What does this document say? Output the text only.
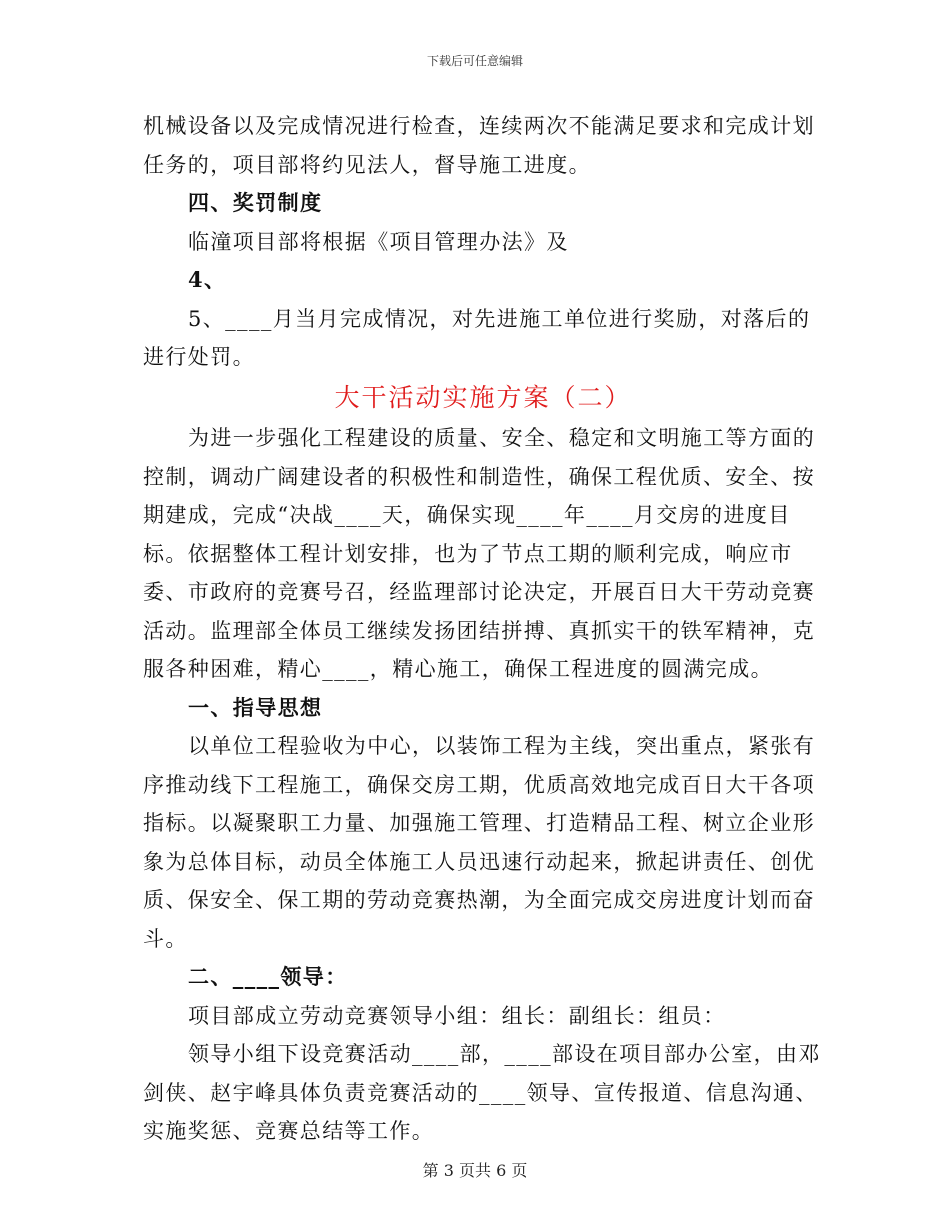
下载后可任意编辑

机械设备以及完成情况进行检查，连续两次不能满足要求和完成计划任务的，项目部将约见法人，督导施工进度。

四、奖罚制度

临潼项目部将根据《项目管理办法》及

4、

5、____月当月完成情况，对先进施工单位进行奖励，对落后的进行处罚。

大干活动实施方案（二）

为进一步强化工程建设的质量、安全、稳定和文明施工等方面的控制，调动广阔建设者的积极性和制造性，确保工程优质、安全、按期建成，完成“决战____天，确保实现____年____月交房的进度目标。依据整体工程计划安排，也为了节点工期的顺利完成，响应市委、市政府的竞赛号召，经监理部讨论决定，开展百日大干劳动竞赛活动。监理部全体员工继续发扬团结拼搏、真抓实干的铁军精神，克服各种困难，精心____，精心施工，确保工程进度的圆满完成。

一、指导思想

以单位工程验收为中心，以装饰工程为主线，突出重点，紧张有序推动线下工程施工，确保交房工期，优质高效地完成百日大干各项指标。以凝聚职工力量、加强施工管理、打造精品工程、树立企业形象为总体目标，动员全体施工人员迅速行动起来，掀起讲责任、创优质、保安全、保工期的劳动竞赛热潮，为全面完成交房进度计划而奋斗。

二、____领导：

项目部成立劳动竞赛领导小组：组长：副组长：组员：

领导小组下设竞赛活动____部，____部设在项目部办公室，由邓剑侠、赵宇峰具体负责竞赛活动的____领导、宣传报道、信息沟通、实施奖惩、竞赛总结等工作。

第 3 页共 6 页
